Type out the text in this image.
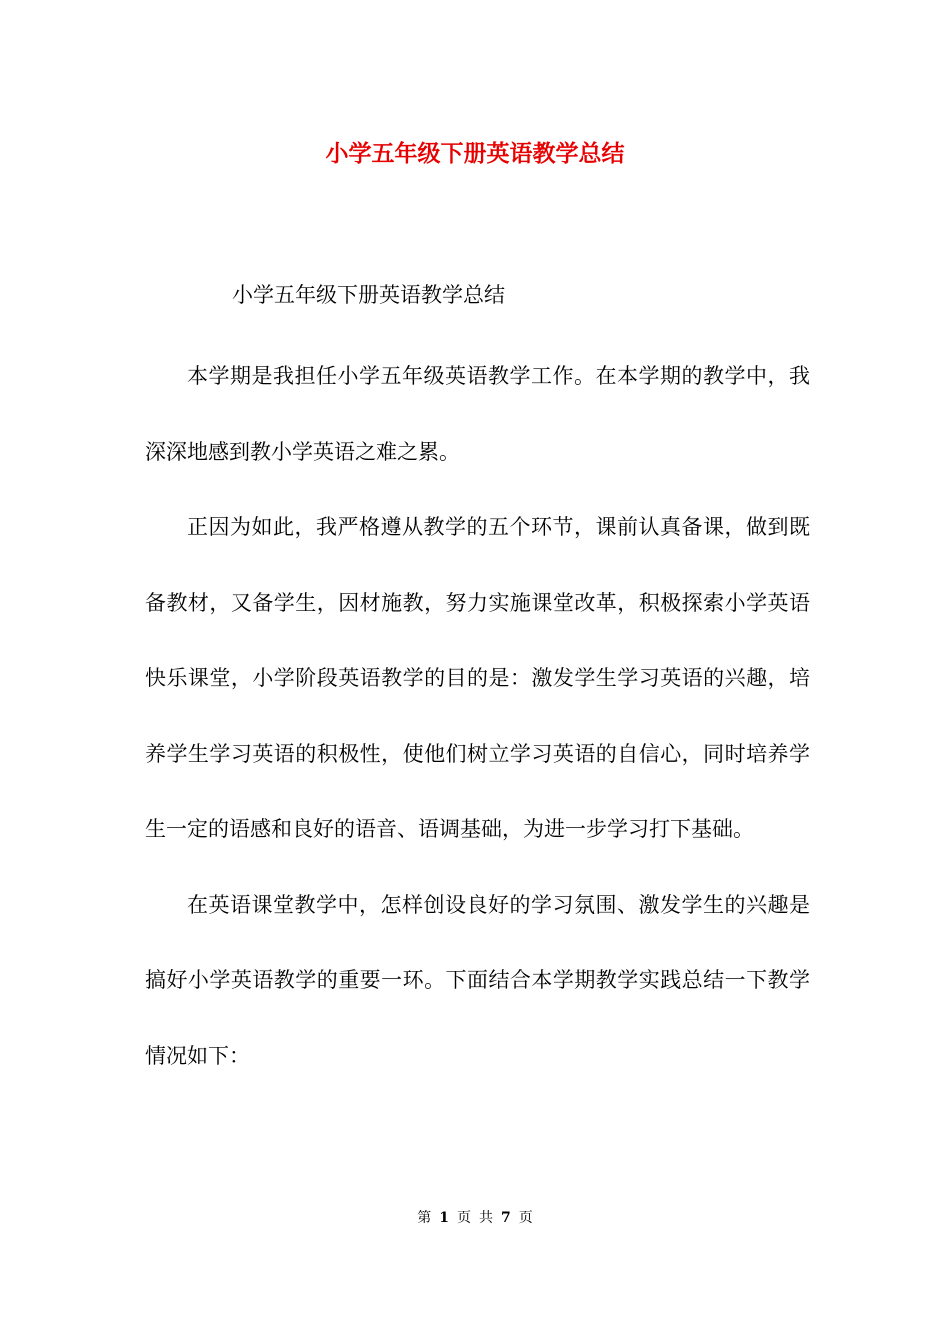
小学五年级下册英语教学总结
小学五年级下册英语教学总结

本学期是我担任小学五年级英语教学工作。在本学期的教学中，我深深地感到教小学英语之难之累。

正因为如此，我严格遵从教学的五个环节，课前认真备课，做到既备教材，又备学生，因材施教，努力实施课堂改革，积极探索小学英语快乐课堂，小学阶段英语教学的目的是：激发学生学习英语的兴趣，培养学生学习英语的积极性，使他们树立学习英语的自信心，同时培养学生一定的语感和良好的语音、语调基础，为进一步学习打下基础。

在英语课堂教学中，怎样创设良好的学习氛围、激发学生的兴趣是搞好小学英语教学的重要一环。下面结合本学期教学实践总结一下教学情况如下：

第 1 页 共 7 页
